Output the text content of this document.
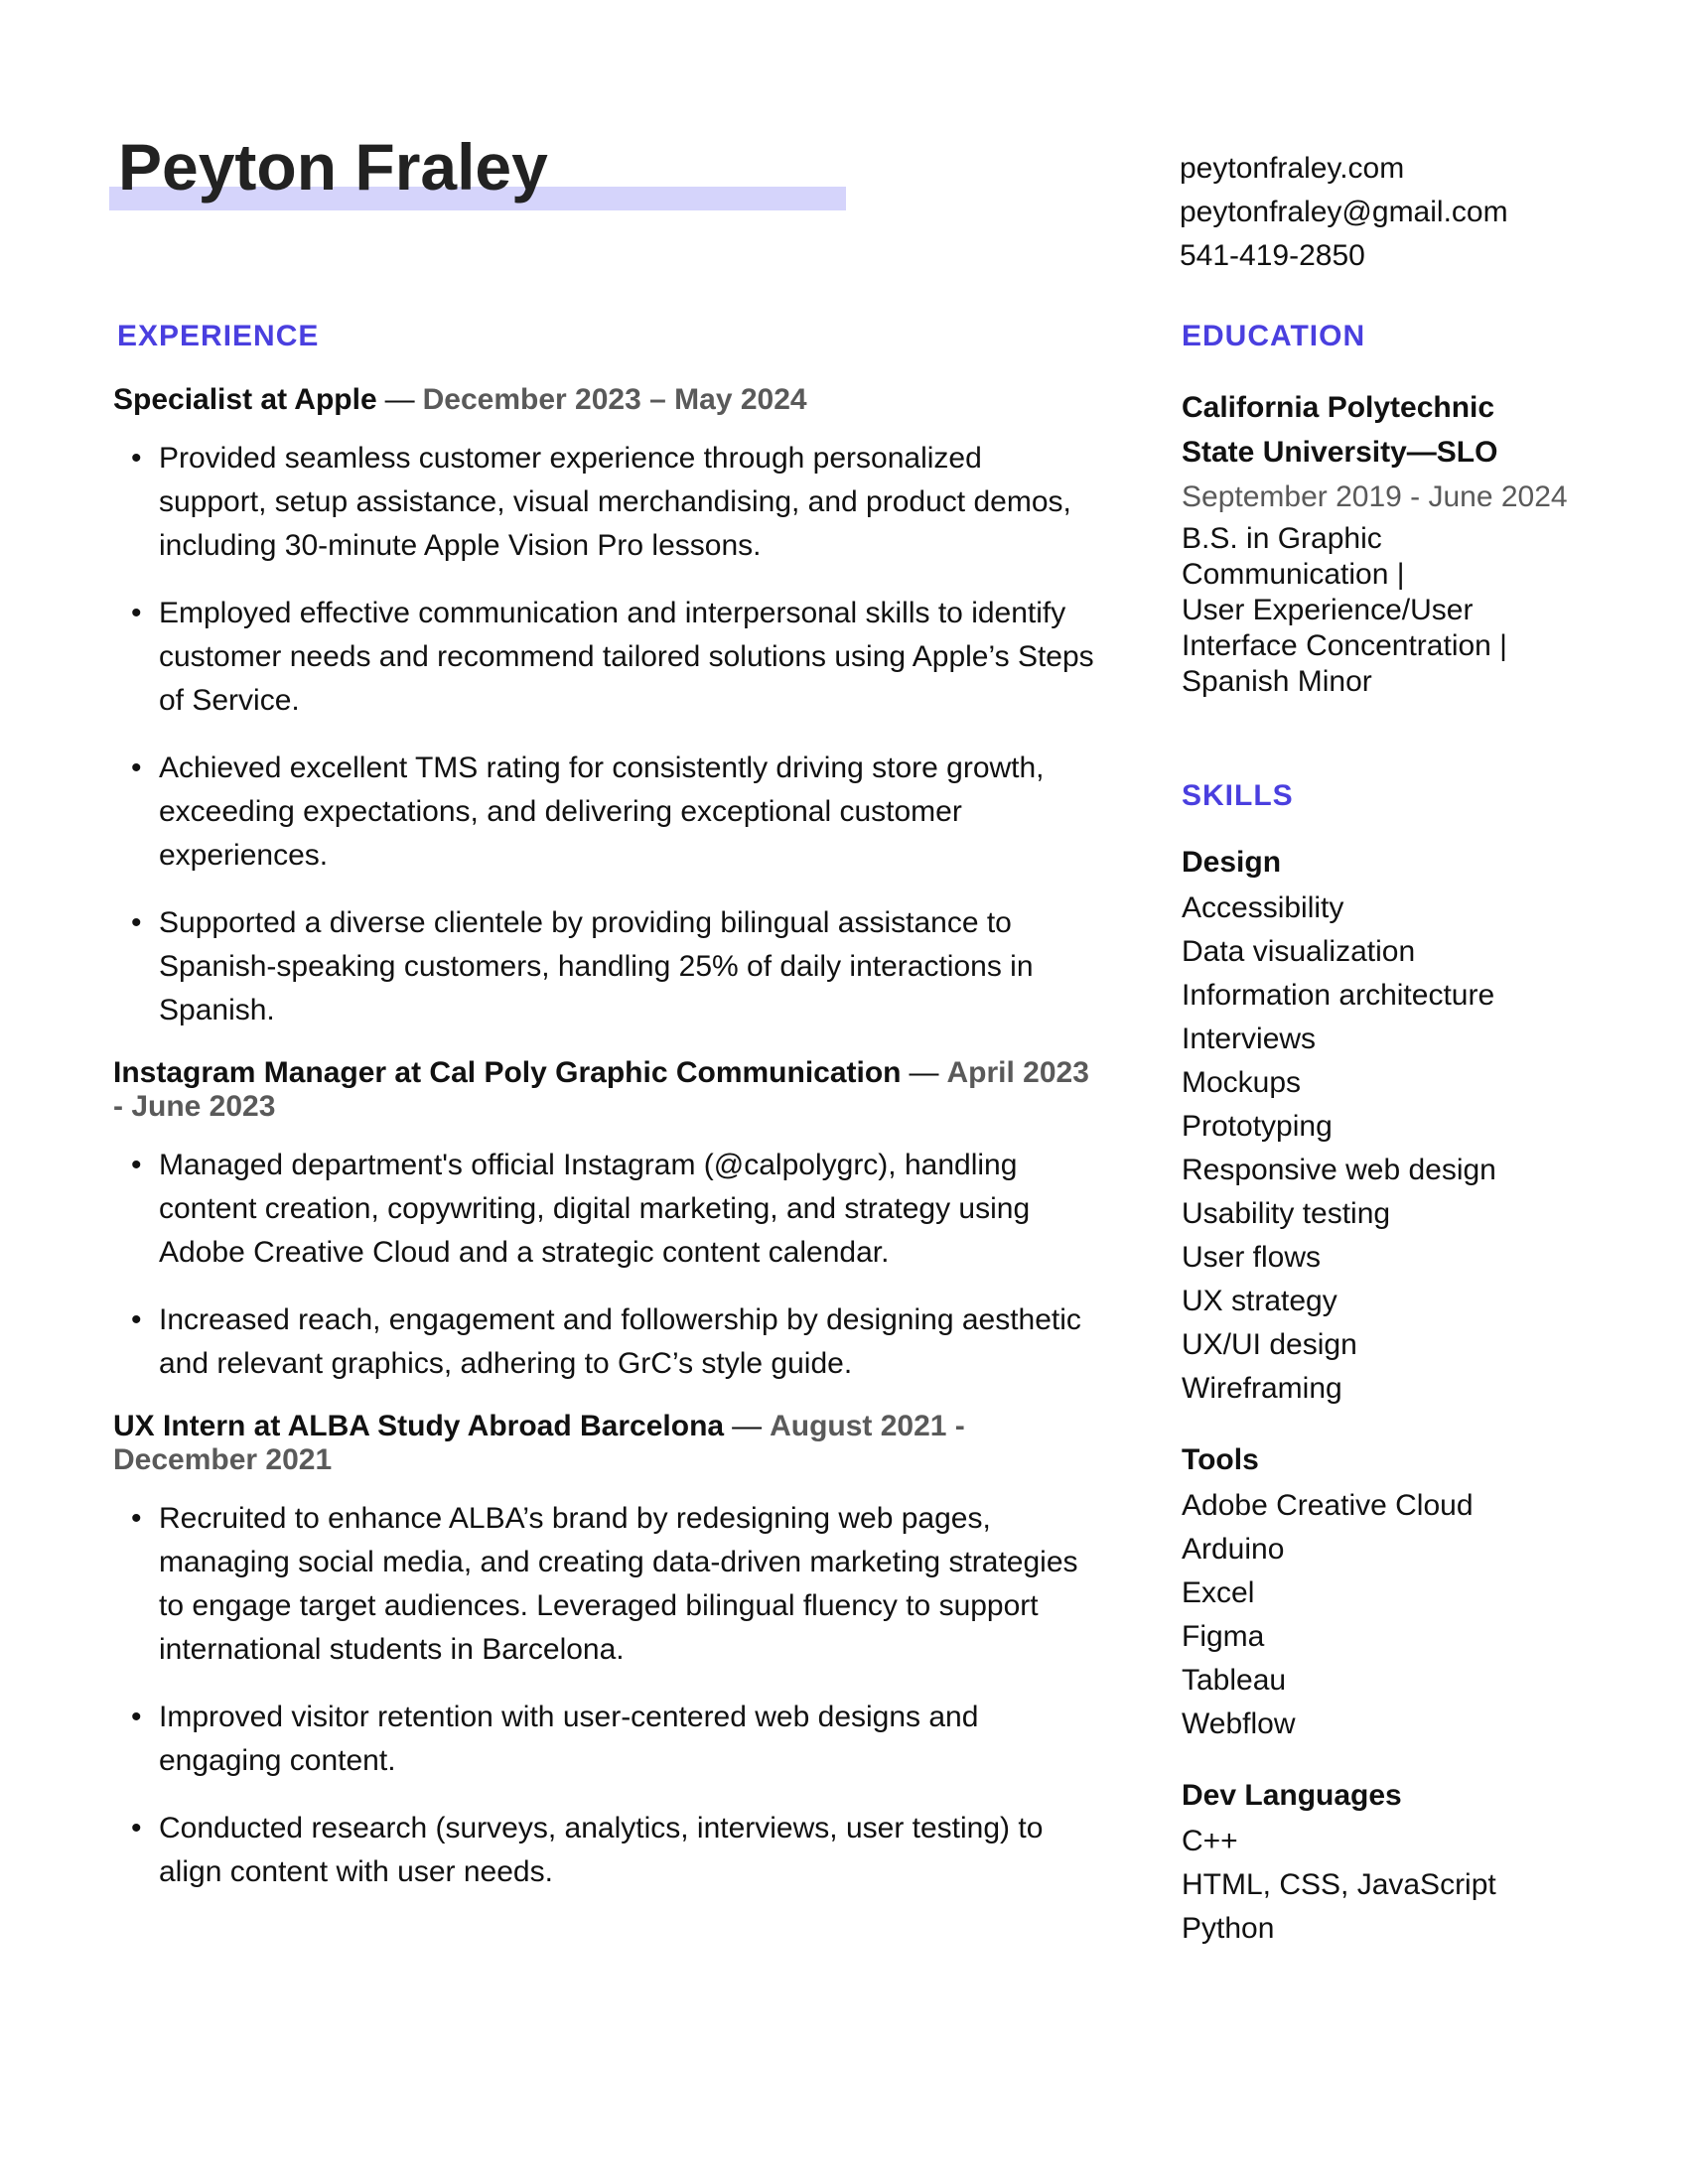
Peyton Fraley	peytonfraley.com
peytonfraley@gmail.com
541-419-2850
EXPERIENCE
Specialist at Apple — December 2023 – May 2024
• Provided seamless customer experience through personalized support, setup assistance, visual merchandising, and product demos, including 30-minute Apple Vision Pro lessons.
• Employed effective communication and interpersonal skills to identify customer needs and recommend tailored solutions using Apple’s Steps of Service.
• Achieved excellent TMS rating for consistently driving store growth, exceeding expectations, and delivering exceptional customer experiences.
• Supported a diverse clientele by providing bilingual assistance to Spanish-speaking customers, handling 25% of daily interactions in Spanish.
Instagram Manager at Cal Poly Graphic Communication — April 2023 - June 2023
• Managed department's official Instagram (@calpolygrc), handling content creation, copywriting, digital marketing, and strategy using Adobe Creative Cloud and a strategic content calendar.
• Increased reach, engagement and followership by designing aesthetic and relevant graphics, adhering to GrC’s style guide.
UX Intern at ALBA Study Abroad Barcelona — August 2021 - December 2021
• Recruited to enhance ALBA’s brand by redesigning web pages, managing social media, and creating data-driven marketing strategies to engage target audiences. Leveraged bilingual fluency to support international students in Barcelona.
• Improved visitor retention with user-centered web designs and engaging content.
• Conducted research (surveys, analytics, interviews, user testing) to align content with user needs.
EDUCATION
California Polytechnic
State University—SLO
September 2019 - June 2024
B.S. in Graphic
Communication |
User Experience/User
Interface Concentration |
Spanish Minor
SKILLS
Design
Accessibility
Data visualization
Information architecture
Interviews
Mockups
Prototyping
Responsive web design
Usability testing
User flows
UX strategy
UX/UI design
Wireframing
Tools
Adobe Creative Cloud
Arduino
Excel
Figma
Tableau
Webflow
Dev Languages
C++
HTML, CSS, JavaScript
Python
